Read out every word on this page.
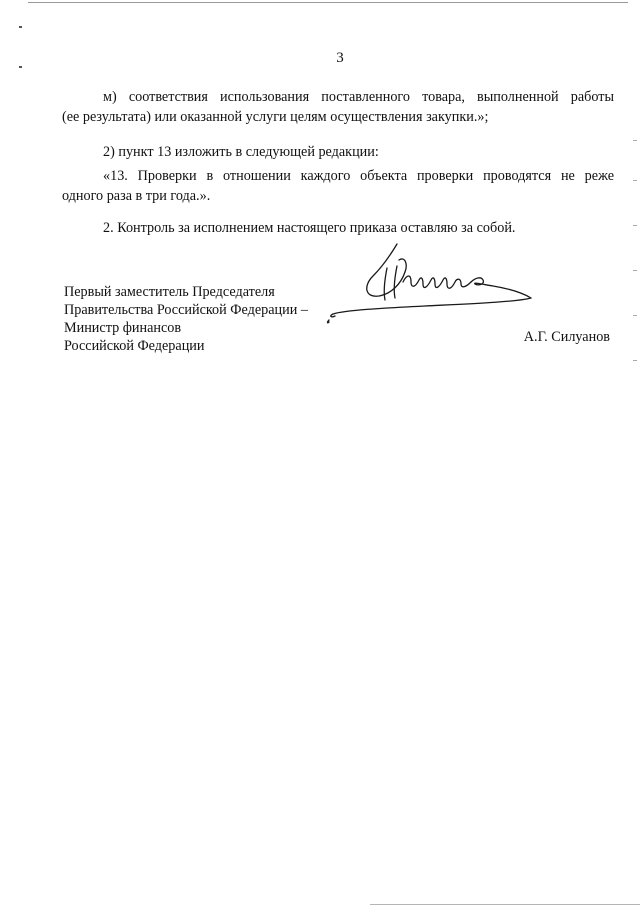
3

м) соответствия использования поставленного товара, выполненной работы
(ее результата) или оказанной услуги целям осуществления закупки.»;

2) пункт 13 изложить в следующей редакции:

«13. Проверки в отношении каждого объекта проверки проводятся не реже
одного раза в три года.».

2. Контроль за исполнением настоящего приказа оставляю за собой.

Первый заместитель Председателя
Правительства Российской Федерации –
Министр финансов
Российской Федерации
А.Г. Силуанов
